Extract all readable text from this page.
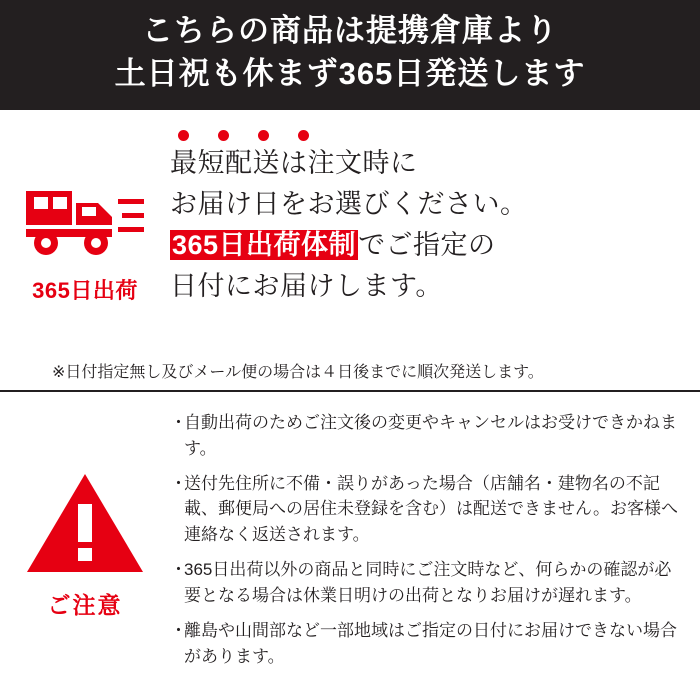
こちらの商品は提携倉庫より
土日祝も休まず365日発送します
365日出荷
最短配送は注文時に
お届け日をお選びください。
365日出荷体制でご指定の
日付にお届けします。
※日付指定無し及びメール便の場合は４日後までに順次発送します。
ご注意
・
自動出荷のためご注文後の変更やキャンセルはお受けできかねます。
・
送付先住所に不備・誤りがあった場合（店舗名・建物名の不記載、郵便局への居住未登録を含む）は配送できません。お客様へ連絡なく返送されます。
・
365日出荷以外の商品と同時にご注文時など、何らかの確認が必要となる場合は休業日明けの出荷となりお届けが遅れます。
・
離島や山間部など一部地域はご指定の日付にお届けできない場合があります。
